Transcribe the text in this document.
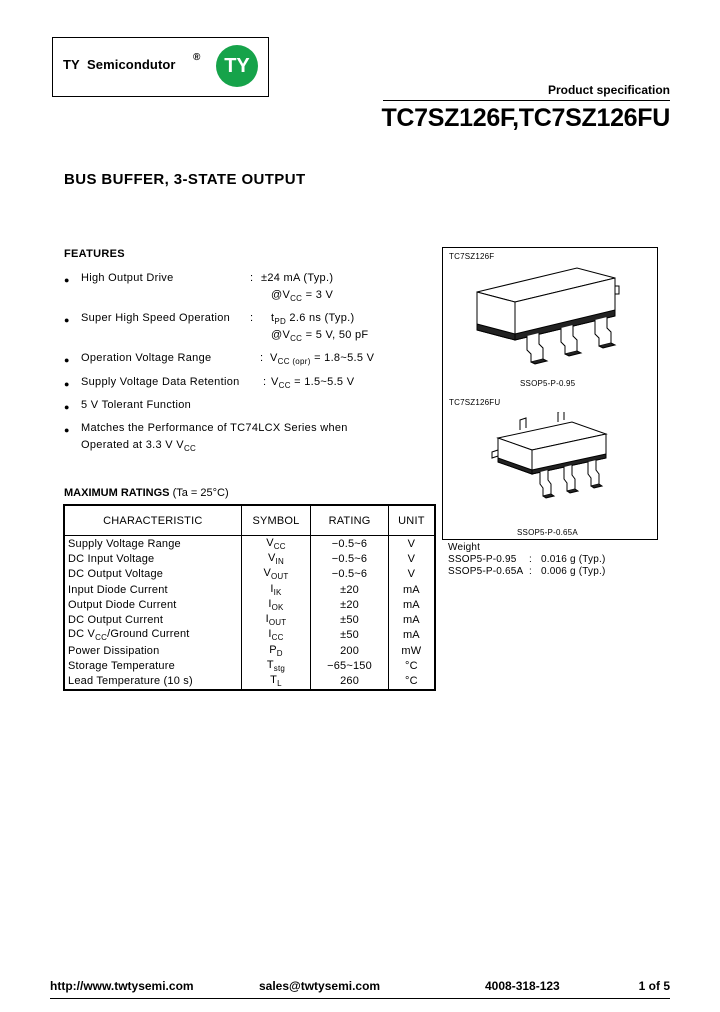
TY  Semicondutor ®	TY
Product specification
TC7SZ126F,TC7SZ126FU
BUS BUFFER, 3-STATE OUTPUT
FEATURES
● High Output Drive	: ±24 mA (Typ.)
$@V_{CC} = 3$ V
● Super High Speed Operation : $t_{PD}$ 2.6 ns (Typ.)
$@V_{CC} = 5$ V, 50 pF
● Operation Voltage Range	: $V_{CC (opr)}$ = 1.8~5.5 V
● Supply Voltage Data Retention : $V_{CC}$ = 1.5~5.5 V
● 5 V Tolerant Function
● Matches the Performance of TC74LCX Series when
Operated at 3.3 V $V_{CC}$
TC7SZ126F
SSOP5-P-0.95
TC7SZ126FU
SSOP5-P-0.65A
Weight
SSOP5-P-0.95 : 0.016 g (Typ.)
SSOP5-P-0.65A : 0.006 g (Typ.)
MAXIMUM RATINGS (Ta = 25°C)
CHARACTERISTIC	SYMBOL	RATING	UNIT
Supply Voltage Range	$V_{CC}$	−0.5~6	V
DC Input Voltage	$V_{IN}$	−0.5~6	V
DC Output Voltage	$V_{OUT}$	−0.5~6	V
Input Diode Current	$I_{IK}$	±20	mA
Output Diode Current	$I_{OK}$	±20	mA
DC Output Current	$I_{OUT}$	±50	mA
DC $V_{CC}$/Ground Current	$I_{CC}$	±50	mA
Power Dissipation	$P_D$	200	mW
Storage Temperature	$T_{stg}$	−65~150	°C
Lead Temperature (10 s)	$T_L$	260	°C
http://www.twtysemi.com	sales@twtysemi.com	4008-318-123	1 of 5
